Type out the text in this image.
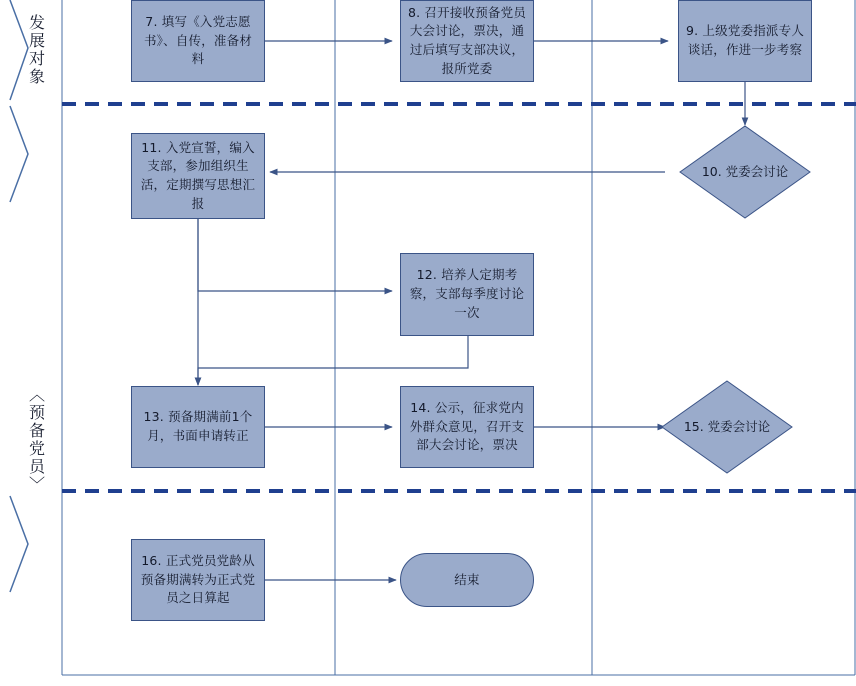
发展对象
〈预备党员〉
7. 填写《入党志愿书》、自传，准备材料
8. 召开接收预备党员大会讨论，票决，通过后填写支部决议，报所党委
9. 上级党委指派专人谈话，作进一步考察
10. 党委会讨论
11. 入党宣誓，编入支部，参加组织生活，定期撰写思想汇报
12. 培养人定期考察，支部每季度讨论一次
13. 预备期满前1个月，书面申请转正
14. 公示，征求党内外群众意见，召开支部大会讨论，票决
15. 党委会讨论
16. 正式党员党龄从预备期满转为正式党员之日算起
结束
